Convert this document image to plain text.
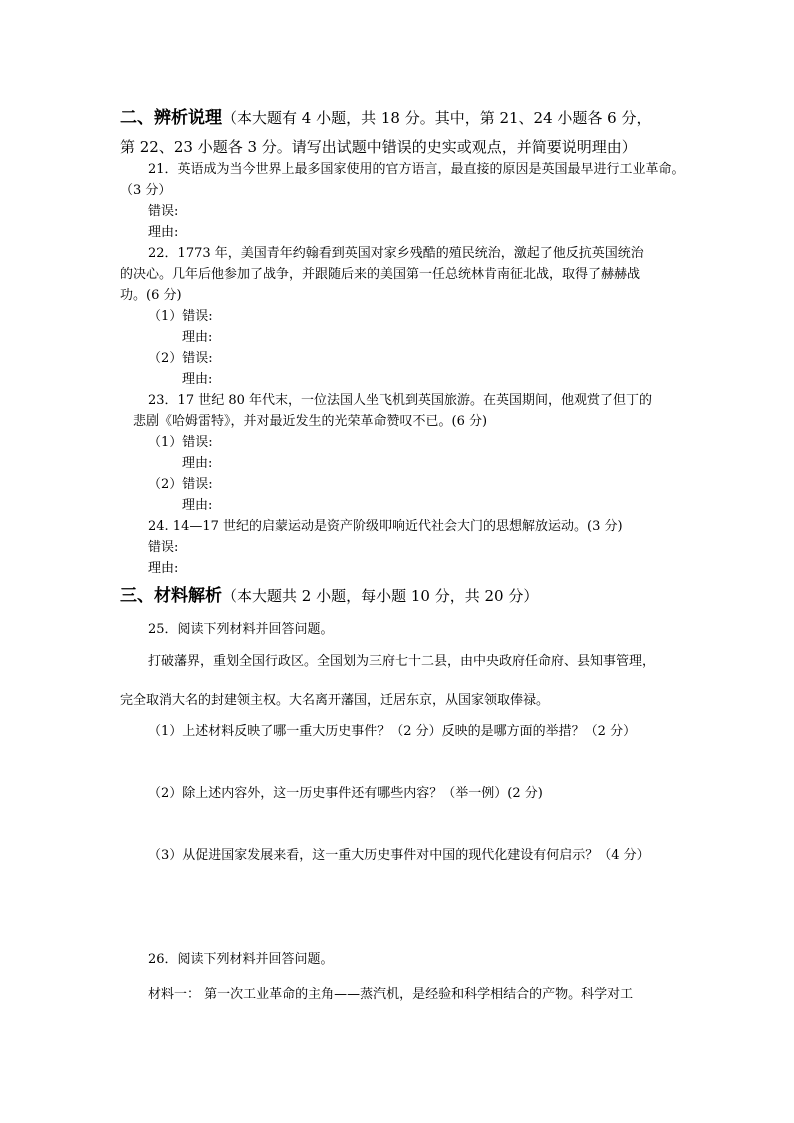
二、辨析说理（本大题有 4 小题，共 18 分。其中，第 21、24 小题各 6 分，
第 22、23 小题各 3 分。请写出试题中错误的史实或观点，并简要说明理由）
21．英语成为当今世界上最多国家使用的官方语言，最直接的原因是英国最早进行工业革命。
（3 分）
错误:
理由:
22．1773 年，美国青年约翰看到英国对家乡残酷的殖民统治，激起了他反抗英国统治
的决心。几年后他参加了战争，并跟随后来的美国第一任总统林肯南征北战，取得了赫赫战
功。(6 分)
（1）错误:
理由:
（2）错误:
理由:
23．17 世纪 80 年代末，一位法国人坐飞机到英国旅游。在英国期间，他观赏了但丁的
悲剧《哈姆雷特》，并对最近发生的光荣革命赞叹不已。(6 分)
（1）错误:
理由:
（2）错误:
理由:
24. 14—17 世纪的启蒙运动是资产阶级叩响近代社会大门的思想解放运动。(3 分)
错误:
理由:
三、材料解析（本大题共 2 小题，每小题 10 分，共 20 分）
25．阅读下列材料并回答问题。
打破藩界，重划全国行政区。全国划为三府七十二县，由中央政府任命府、县知事管理，
完全取消大名的封建领主权。大名离开藩国，迁居东京，从国家领取俸禄。
（1）上述材料反映了哪一重大历史事件？（2 分）反映的是哪方面的举措？（2 分）
（2）除上述内容外，这一历史事件还有哪些内容？（举一例）(2 分)
（3）从促进国家发展来看，这一重大历史事件对中国的现代化建设有何启示？（4 分）
26．阅读下列材料并回答问题。
材料一： 第一次工业革命的主角——蒸汽机，是经验和科学相结合的产物。科学对工
